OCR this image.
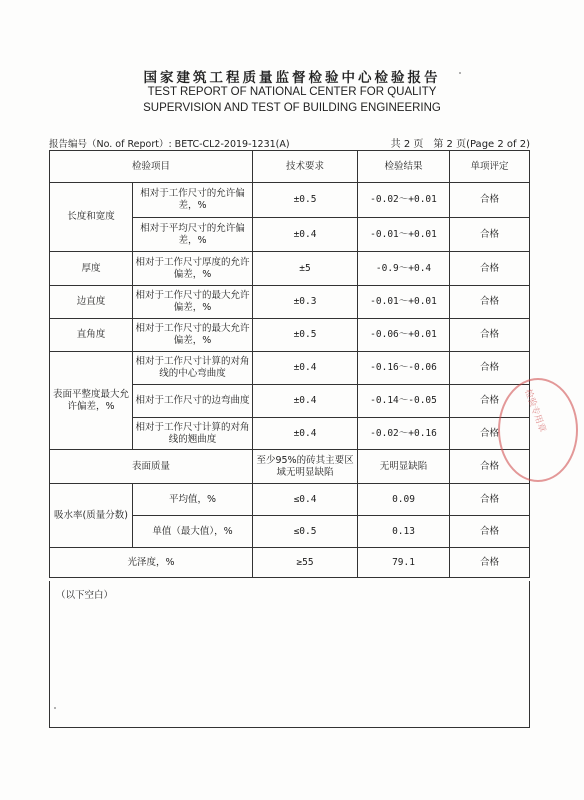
国家建筑工程质量监督检验中心检验报告
TEST REPORT OF NATIONAL CENTER FOR QUALITY
SUPERVISION AND TEST OF BUILDING ENGINEERING
报告编号（No. of Report）: BETC-CL2-2019-1231(A)	共 2 页　第 2 页(Page 2 of 2)
检验项目		技术要求	检验结果	单项评定
长度和宽度	相对于工作尺寸的允许偏差，%	±0.5	-0.02～+0.01	合格
	相对于平均尺寸的允许偏差，%	±0.4	-0.01～+0.01	合格
厚度	相对于工作尺寸厚度的允许偏差，%	±5	-0.9～+0.4	合格
边直度	相对于工作尺寸的最大允许偏差，%	±0.3	-0.01～+0.01	合格
直角度	相对于工作尺寸的最大允许偏差，%	±0.5	-0.06～+0.01	合格
表面平整度最大允许偏差，%	相对于工作尺寸计算的对角线的中心弯曲度	±0.4	-0.16～-0.06	合格
	相对于工作尺寸的边弯曲度	±0.4	-0.14～-0.05	合格
	相对于工作尺寸计算的对角线的翘曲度	±0.4	-0.02～+0.16	合格
表面质量		至少95%的砖其主要区域无明显缺陷	无明显缺陷	合格
吸水率(质量分数)	平均值，%	≤0.4	0.09	合格
	单值（最大值），%	≤0.5	0.13	合格
光泽度，%		≥55	79.1	合格
（以下空白）
检验专用章
